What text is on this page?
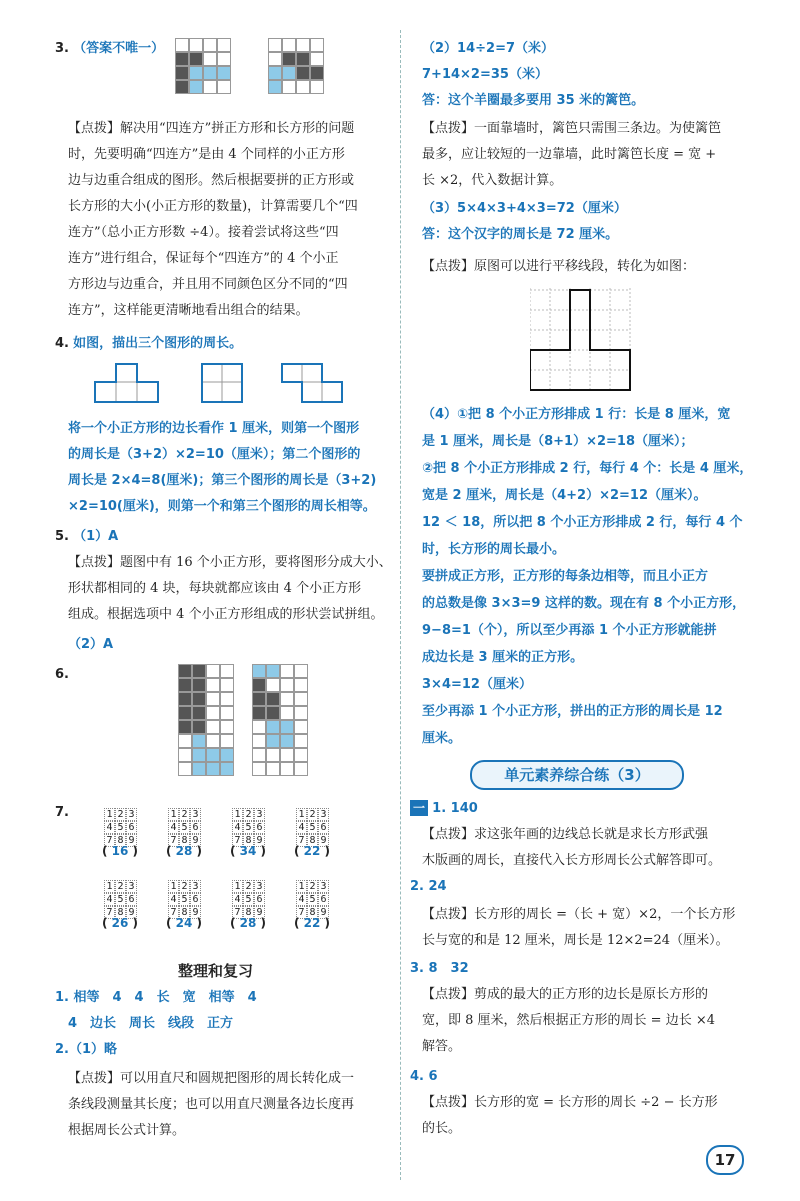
3. （答案不唯一）
【点拨】解决用“四连方”拼正方形和长方形的问题
时，先要明确“四连方”是由 4 个同样的小正方形
边与边重合组成的图形。然后根据要拼的正方形或
长方形的大小(小正方形的数量)，计算需要几个“四
连方”（总小正方形数 ÷4）。接着尝试将这些“四
连方”进行组合，保证每个“四连方”的 4 个小正
方形边与边重合，并且用不同颜色区分不同的“四
连方”，这样能更清晰地看出组合的结果。
4. 如图，描出三个图形的周长。
将一个小正方形的边长看作 1 厘米，则第一个图形
的周长是（3+2）×2=10（厘米）；第二个图形的
周长是 2×4=8(厘米)；第三个图形的周长是（3+2)
×2=10(厘米)，则第一个和第三个图形的周长相等。
5. （1）A
【点拨】题图中有 16 个小正方形，要将图形分成大小、
形状都相同的 4 块，每块就都应该由 4 个小正方形
组成。根据选项中 4 个小正方形组成的形状尝试拼组。
（2）A
6.
7.	1 2 3
4 5 6
7 8 9
( 16 )
1 2 3
4 5 6
7 8 9
( 28 )
1 2 3
4 5 6
7 8 9
( 34 )
1 2 3
4 5 6
7 8 9
( 22 )
1 2 3
4 5 6
7 8 9
( 26 )
1 2 3
4 5 6
7 8 9
( 24 )
1 2 3
4 5 6
7 8 9
( 28 )
1 2 3
4 5 6
7 8 9
( 22 )
整理和复习
1. 相等　4　4　长　宽　相等　4
4　边长　周长　线段　正方
2.（1）略
【点拨】可以用直尺和圆规把图形的周长转化成一
条线段测量其长度；也可以用直尺测量各边长度再
根据周长公式计算。
（2）14÷2=7（米）
7+14×2=35（米）
答：这个羊圈最多要用 35 米的篱笆。
【点拨】一面靠墙时，篱笆只需围三条边。为使篱笆
最多，应让较短的一边靠墙，此时篱笆长度 = 宽 +
长 ×2，代入数据计算。
（3）5×4×3+4×3=72（厘米）
答：这个汉字的周长是 72 厘米。
【点拨】原图可以进行平移线段，转化为如图：
（4）①把 8 个小正方形排成 1 行：长是 8 厘米，宽
是 1 厘米，周长是（8+1）×2=18（厘米）；
②把 8 个小正方形排成 2 行，每行 4 个：长是 4 厘米，
宽是 2 厘米，周长是（4+2）×2=12（厘米）。
12 ＜ 18，所以把 8 个小正方形排成 2 行，每行 4 个
时，长方形的周长最小。
要拼成正方形，正方形的每条边相等，而且小正方
的总数是像 3×3=9 这样的数。现在有 8 个小正方形，
9−8=1（个），所以至少再添 1 个小正方形就能拼
成边长是 3 厘米的正方形。
3×4=12（厘米）
至少再添 1 个小正方形，拼出的正方形的周长是 12
厘米。
单元素养综合练（3）
一 1. 140
【点拨】求这张年画的边线总长就是求长方形武强
木版画的周长，直接代入长方形周长公式解答即可。
2. 24
【点拨】长方形的周长 =（长 + 宽）×2，一个长方形
长与宽的和是 12 厘米，周长是 12×2=24（厘米）。
3. 8　32
【点拨】剪成的最大的正方形的边长是原长方形的
宽，即 8 厘米，然后根据正方形的周长 = 边长 ×4
解答。
4. 6
【点拨】长方形的宽 = 长方形的周长 ÷2 − 长方形
的长。
17
